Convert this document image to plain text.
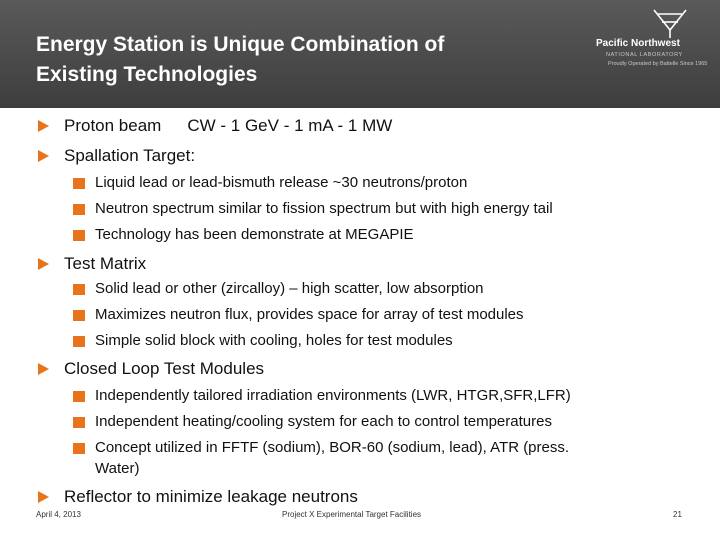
Energy Station is Unique Combination of
Existing Technologies
Pacific Northwest
NATIONAL LABORATORY
Proudly Operated by Battelle Since 1965
Proton beam CW - 1 GeV - 1 mA - 1 MW
Spallation Target:
Liquid lead or lead-bismuth release ~30 neutrons/proton
Neutron spectrum similar to fission spectrum but with high energy tail
Technology has been demonstrate at MEGAPIE
Test Matrix
Solid lead or other (zircalloy) – high scatter, low absorption
Maximizes neutron flux, provides space for array of test modules
Simple solid block with cooling, holes for test modules
Closed Loop Test Modules
Independently tailored irradiation environments (LWR, HTGR,SFR,LFR)
Independent heating/cooling system for each to control temperatures
Concept utilized in FFTF (sodium), BOR-60 (sodium, lead), ATR (press.
Water)
Reflector to minimize leakage neutrons
April 4, 2013	Project X Experimental Target Facilities	21
